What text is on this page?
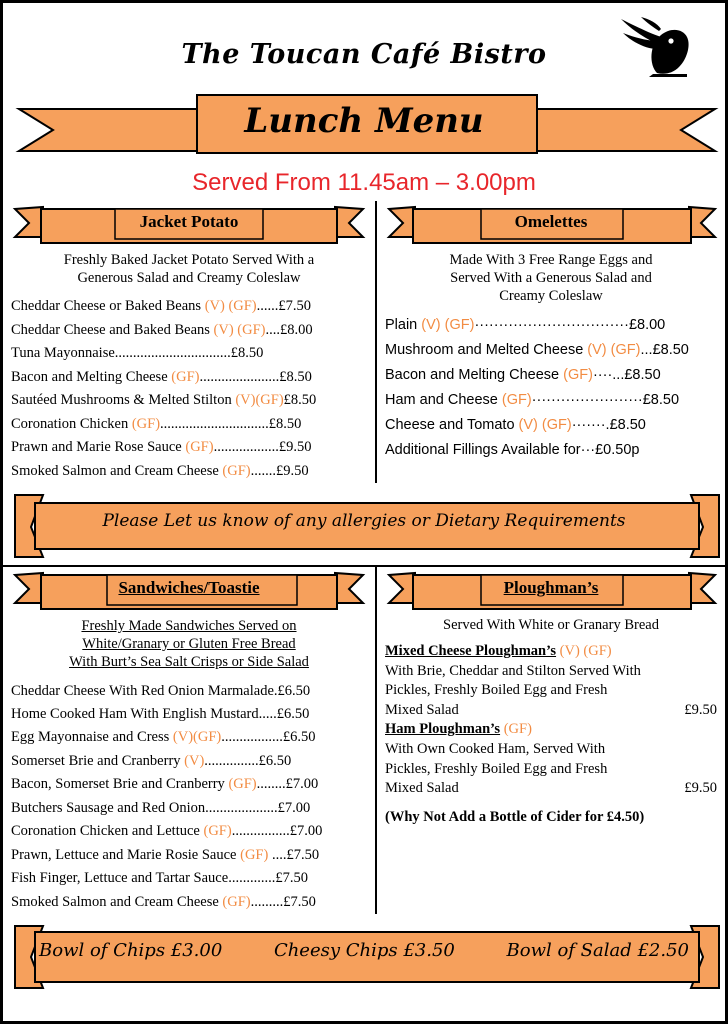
The Toucan Café Bistro
Lunch Menu
Served From 11.45am – 3.00pm
Jacket Potato
Freshly Baked Jacket Potato Served With a
Generous Salad and Creamy Coleslaw
Cheddar Cheese or Baked Beans (V) (GF)......£7.50
Cheddar Cheese and Baked Beans (V) (GF)....£8.00
Tuna Mayonnaise................................£8.50
Bacon and Melting Cheese (GF)......................£8.50
Sautéed Mushrooms & Melted Stilton (V)(GF)£8.50
Coronation Chicken (GF)..............................£8.50
Prawn and Marie Rose Sauce (GF)..................£9.50
Smoked Salmon and Cream Cheese (GF).......£9.50
Omelettes
Made With 3 Free Range Eggs and
Served With a Generous Salad and
Creamy Coleslaw
Plain (V) (GF)································£8.00
Mushroom and Melted Cheese (V) (GF)...£8.50
Bacon and Melting Cheese (GF)····...£8.50
Ham and Cheese (GF)·······················£8.50
Cheese and Tomato (V) (GF)·······.£8.50
Additional Fillings Available for···£0.50p
Please Let us know of any allergies or Dietary Requirements
Sandwiches/Toastie
Freshly Made Sandwiches Served on
White/Granary or Gluten Free Bread
With Burt’s Sea Salt Crisps or Side Salad
Cheddar Cheese With Red Onion Marmalade.£6.50
Home Cooked Ham With English Mustard.....£6.50
Egg Mayonnaise and Cress (V)(GF).................£6.50
Somerset Brie and Cranberry (V)...............£6.50
Bacon, Somerset Brie and Cranberry (GF)........£7.00
Butchers Sausage and Red Onion....................£7.00
Coronation Chicken and Lettuce (GF)................£7.00
Prawn, Lettuce and Marie Rosie Sauce (GF) ....£7.50
Fish Finger, Lettuce and Tartar Sauce.............£7.50
Smoked Salmon and Cream Cheese (GF).........£7.50
Ploughman’s
Served With White or Granary Bread
Mixed Cheese Ploughman’s (V) (GF)
With Brie, Cheddar and Stilton Served With
Pickles, Freshly Boiled Egg and Fresh
Mixed Salad	£9.50
Ham Ploughman’s (GF)
With Own Cooked Ham, Served With
Pickles, Freshly Boiled Egg and Fresh
Mixed Salad	£9.50
(Why Not Add a Bottle of Cider for £4.50)
Bowl of Chips £3.00	Cheesy Chips £3.50	Bowl of Salad £2.50
